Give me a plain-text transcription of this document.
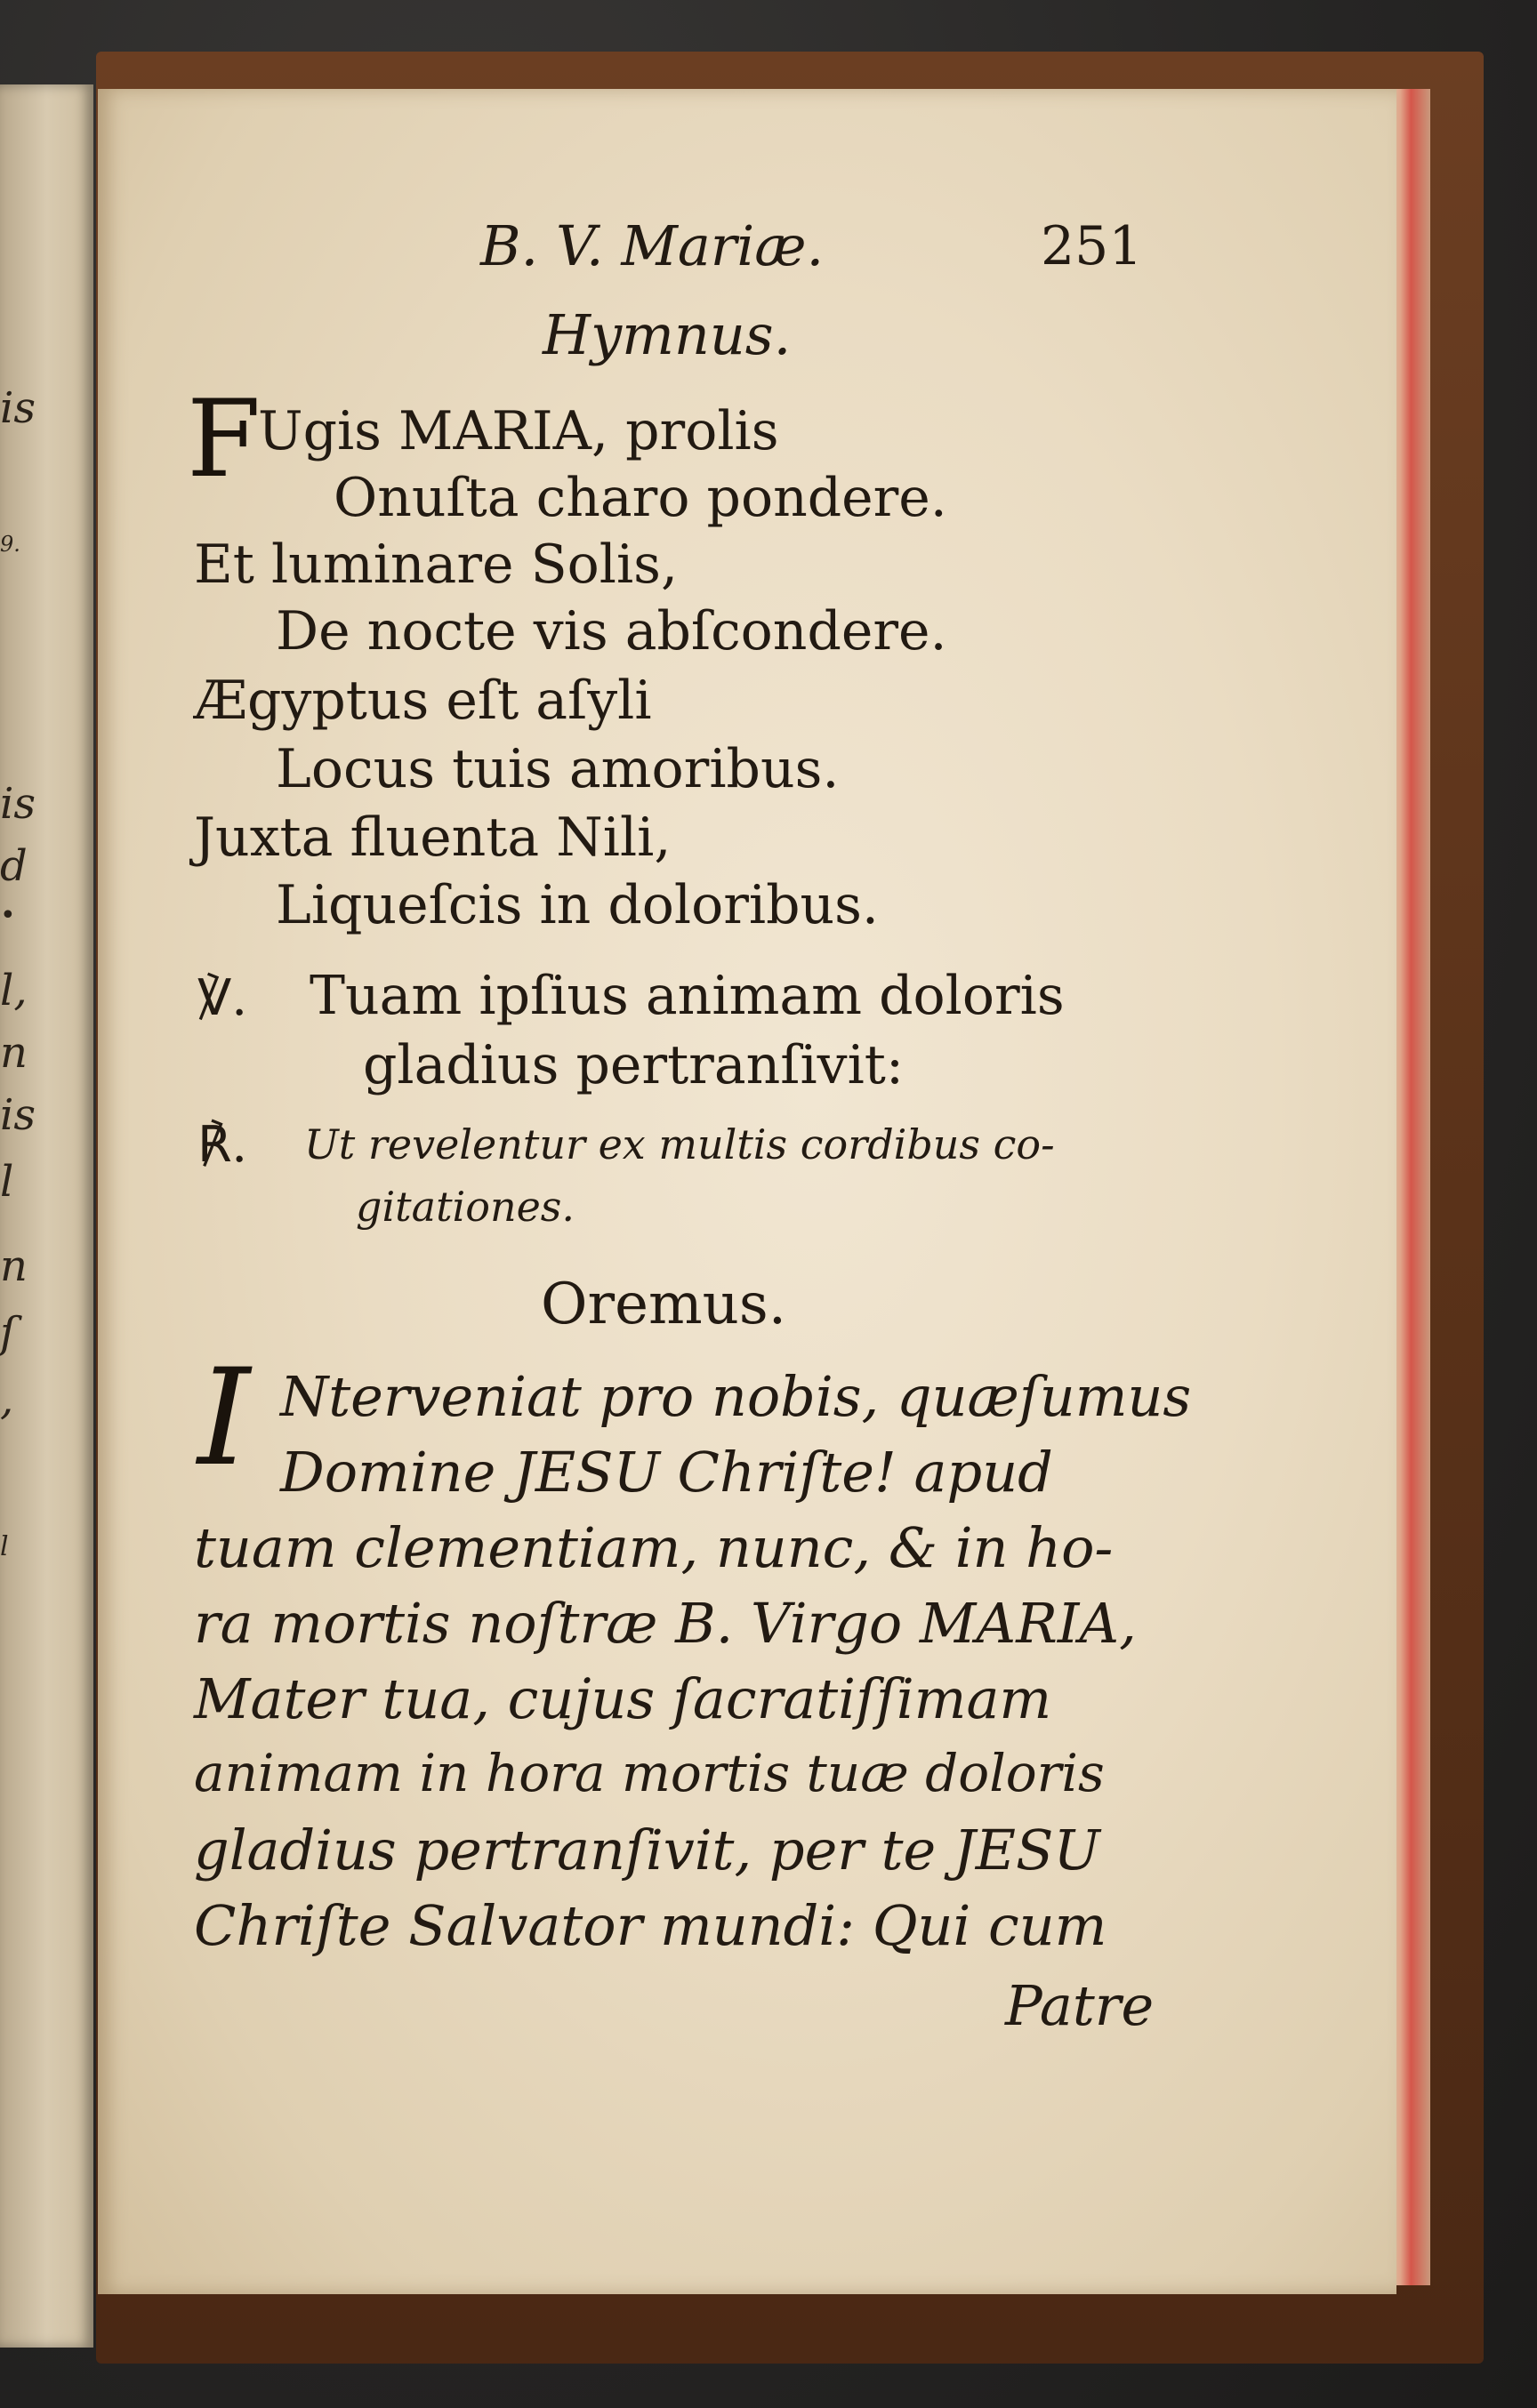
is
9.
is
d
•
l,
n
is
l
n
ſ
,
l
B. V. Mariæ.	251
Hymnus.
F
Ugis MARIA, prolis
Onuſta charo pondere.
Et luminare Solis,
De nocte vis abſcondere.
Ægyptus eſt aſyli
Locus tuis amoribus.
Juxta fluenta Nili,
Liqueſcis in doloribus.
℣. Tuam ipſius animam doloris
gladius pertranſivit:
℟. Ut revelentur ex multis cordibus co-
gitationes.
Oremus.
I Nterveniat pro nobis, quæſumus
Domine JESU Chriſte! apud
tuam clementiam, nunc, & in ho-
ra mortis noſtræ B. Virgo MARIA,
Mater tua, cujus ſacratiſſimam
animam in hora mortis tuæ doloris
gladius pertranſivit, per te JESU
Chriſte Salvator mundi: Qui cum
Patre
